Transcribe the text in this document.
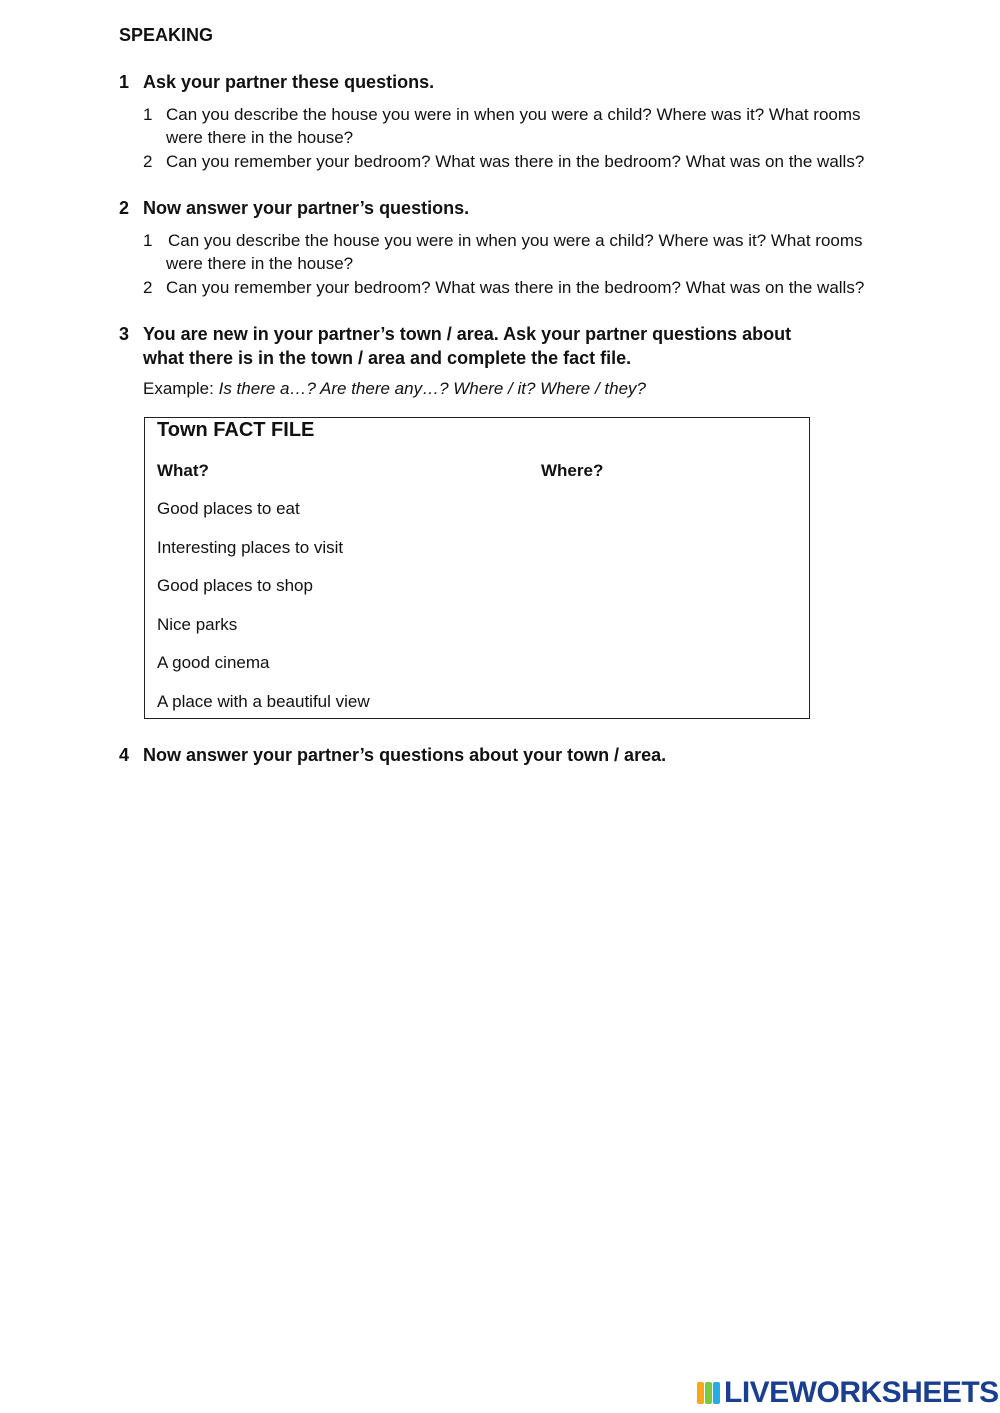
SPEAKING
1 Ask your partner these questions.
1 Can you describe the house you were in when you were a child? Where was it? What rooms
were there in the house?
2 Can you remember your bedroom? What was there in the bedroom? What was on the walls?
2 Now answer your partner’s questions.
1 Can you describe the house you were in when you were a child? Where was it? What rooms
were there in the house?
2 Can you remember your bedroom? What was there in the bedroom? What was on the walls?
3 You are new in your partner’s town / area. Ask your partner questions about
what there is in the town / area and complete the fact file.
Example: Is there a…? Are there any…? Where / it? Where / they?
Town FACT FILE
What?	Where?
Good places to eat
Interesting places to visit
Good places to shop
Nice parks
A good cinema
A place with a beautiful view
4 Now answer your partner’s questions about your town / area.
LIVEWORKSHEETS
